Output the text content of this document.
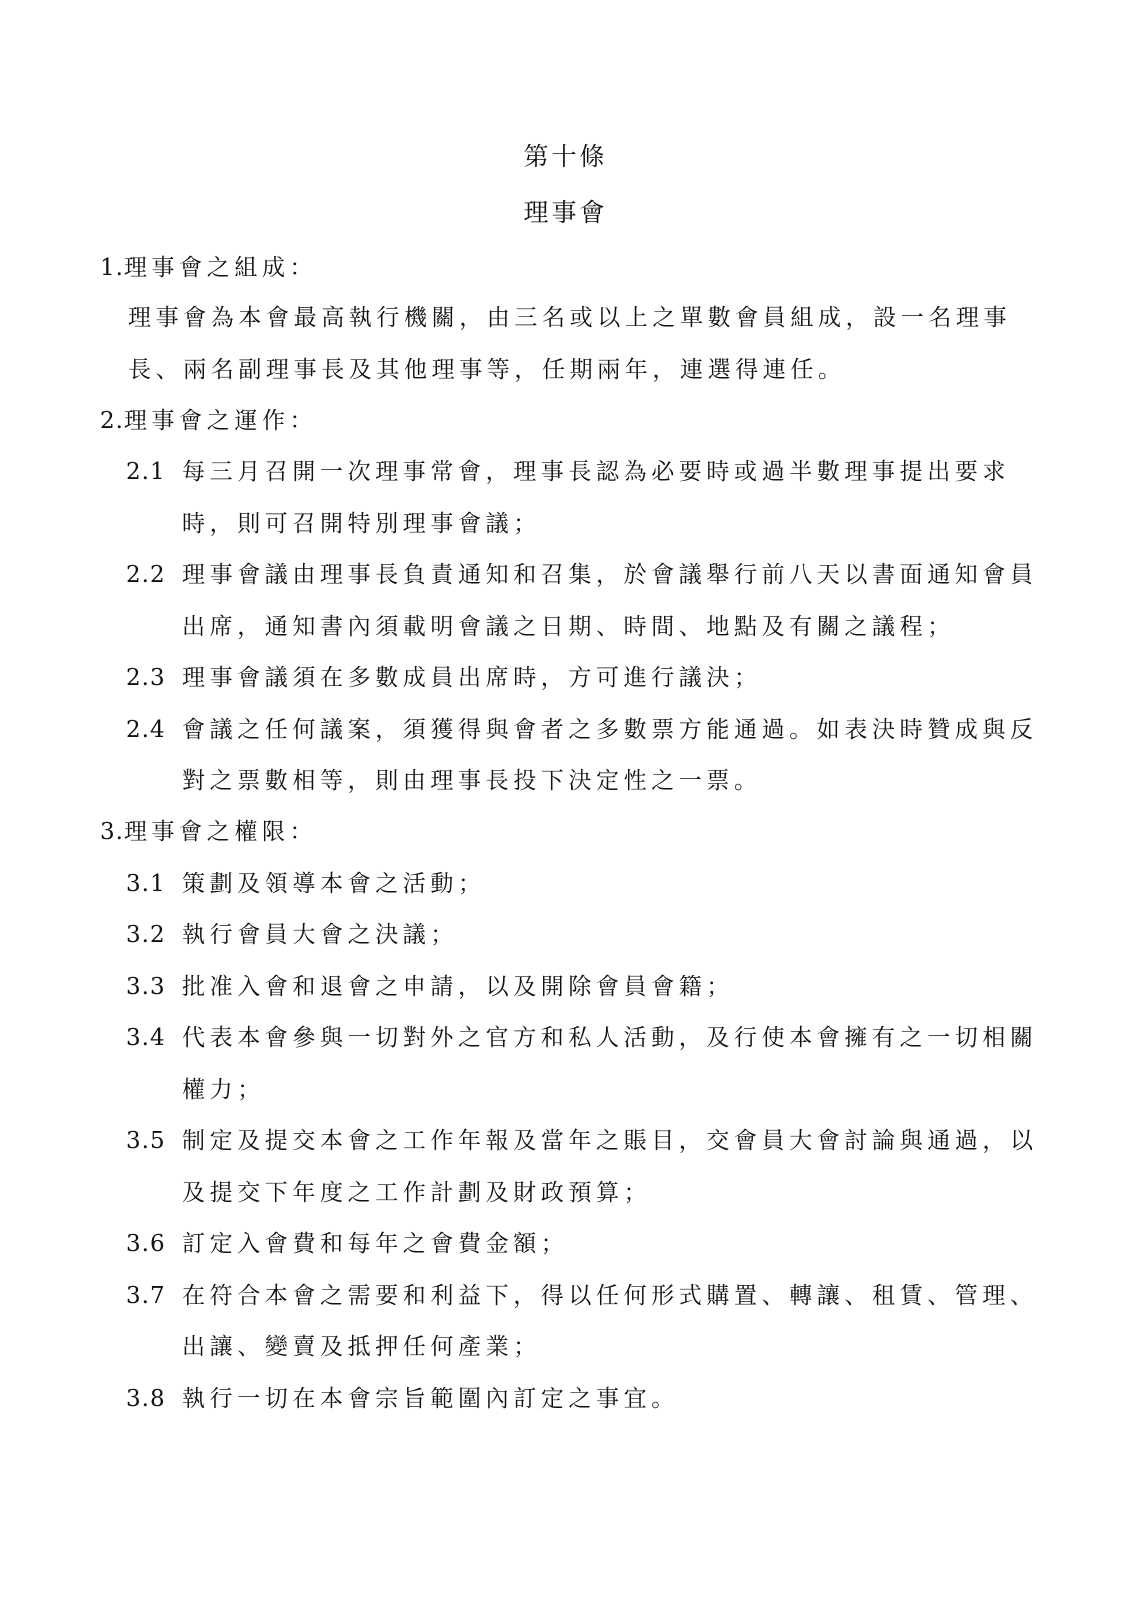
第十條
理事會
1.理事會之組成：
理事會為本會最高執行機關，由三名或以上之單數會員組成，設一名理事
長、兩名副理事長及其他理事等，任期兩年，連選得連任。
2.理事會之運作：
2.1 每三月召開一次理事常會，理事長認為必要時或過半數理事提出要求
時，則可召開特別理事會議；
2.2 理事會議由理事長負責通知和召集，於會議舉行前八天以書面通知會員
出席，通知書內須載明會議之日期、時間、地點及有關之議程；
2.3 理事會議須在多數成員出席時，方可進行議決；
2.4 會議之任何議案，須獲得與會者之多數票方能通過。如表決時贊成與反
對之票數相等，則由理事長投下決定性之一票。
3.理事會之權限：
3.1 策劃及領導本會之活動；
3.2 執行會員大會之決議；
3.3 批准入會和退會之申請，以及開除會員會籍；
3.4 代表本會參與一切對外之官方和私人活動，及行使本會擁有之一切相關
權力；
3.5 制定及提交本會之工作年報及當年之賬目，交會員大會討論與通過，以
及提交下年度之工作計劃及財政預算；
3.6 訂定入會費和每年之會費金額；
3.7 在符合本會之需要和利益下，得以任何形式購置、轉讓、租賃、管理、
出讓、變賣及抵押任何產業；
3.8 執行一切在本會宗旨範圍內訂定之事宜。
